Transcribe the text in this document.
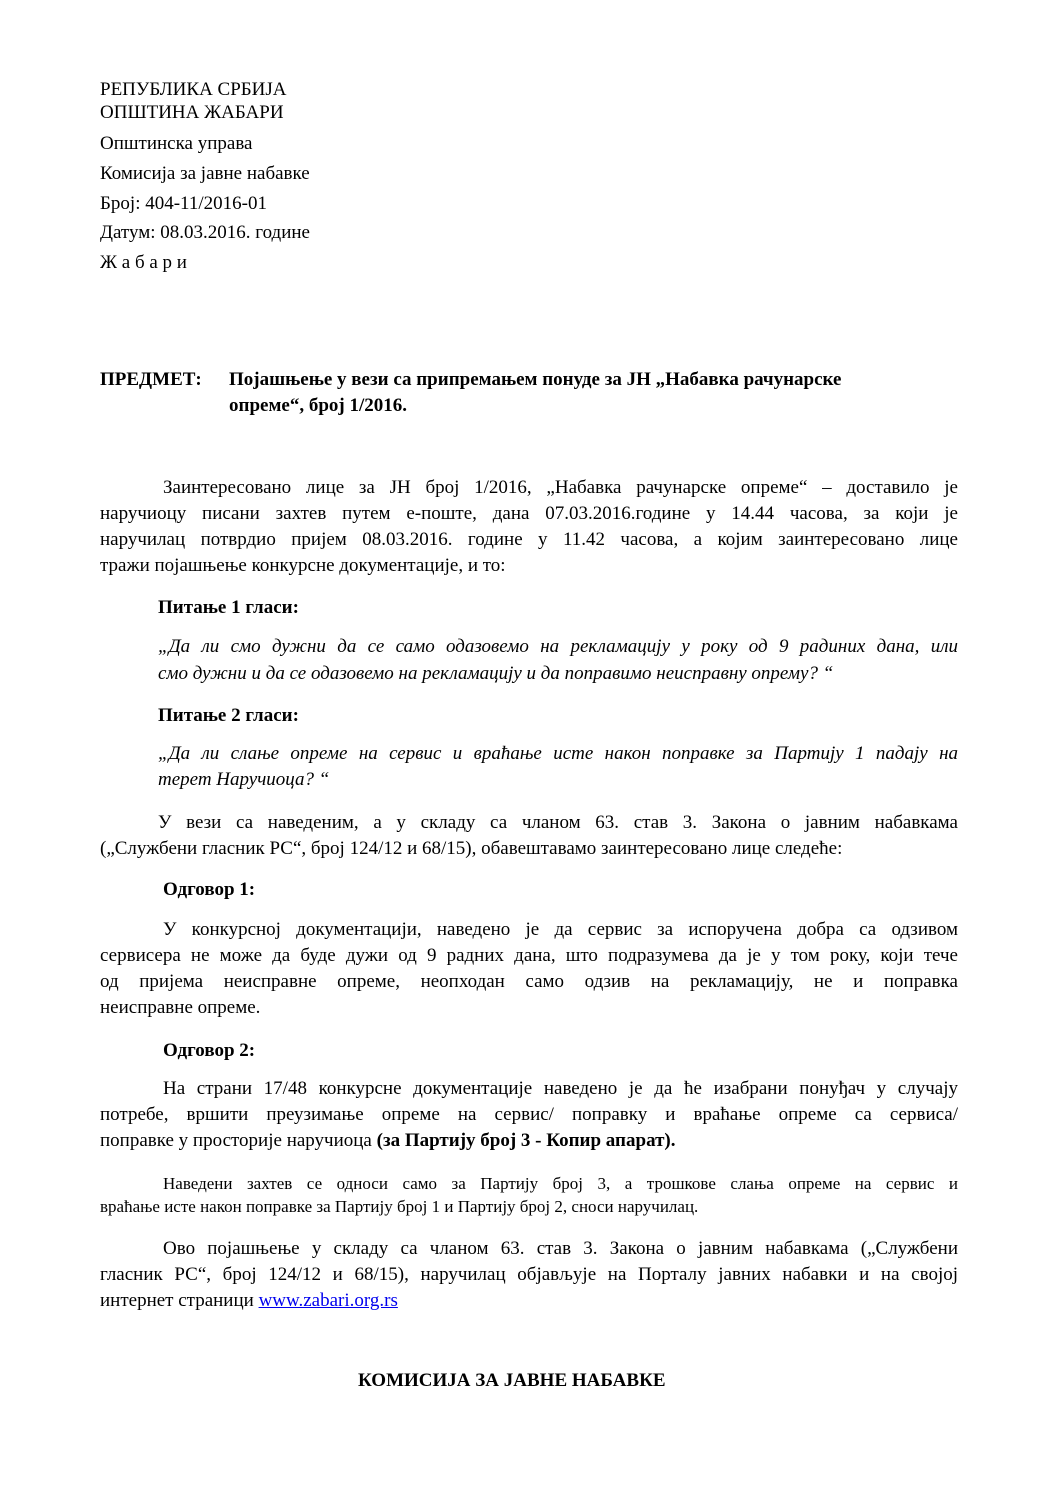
РЕПУБЛИКА СРБИЈА
ОПШТИНА ЖАБАРИ
Општинска управа
Комисија за јавне набавке
Број: 404-11/2016-01
Датум: 08.03.2016. године
Ж а б а р и
ПРЕДМЕТ: Појашњење у вези са припремањем понуде за ЈН „Набавка рачунарске
опреме“, број 1/2016.
Заинтересовано лице за ЈН број 1/2016, „Набавка рачунарске опреме“ – доставило је
наручиоцу писани захтев путем е-поште, дана 07.03.2016.године у 14.44 часова, за који је
наручилац потврдио пријем 08.03.2016. године у 11.42 часова, а којим заинтересовано лице
тражи појашњење конкурсне документације, и то:
Питање 1 гласи:
„Да ли смо дужни да се само одазовемо на рекламацију у року од 9 радиних дана, или
смо дужни и да се одазовемо на рекламацију и да поправимо неисправну опрему? “
Питање 2 гласи:
„Да ли слање опреме на сервис и враћање исте након поправке за Партију 1 падају на
терет Наручиоца? “
У вези са наведеним, а у складу са чланом 63. став 3. Закона о јавним набавкама
(„Службени гласник РС“, број 124/12 и 68/15), обавештавамо заинтересовано лице следеће:
Одговор 1:
У конкурсној документацији, наведено је да сервис за испоручена добра са одзивом
сервисера не може да буде дужи од 9 радних дана, што подразумева да је у том року, који тече
од пријема неисправне опреме, неопходан само одзив на рекламацију, не и поправка
неисправне опреме.
Одговор 2:
На страни 17/48 конкурсне документације наведено је да ће изабрани понуђач у случају
потребе, вршити преузимање опреме на сервис/ поправку и враћање опреме са сервиса/
поправке у просторије наручиоца (за Партију број 3 - Копир апарат).
Наведени захтев се односи само за Партију број 3, а трошкове слања опреме на сервис и
враћање исте након поправке за Партију број 1 и Партију број 2, сноси наручилац.
Ово појашњење у складу са чланом 63. став 3. Закона о јавним набавкама („Службени
гласник РС“, број 124/12 и 68/15), наручилац објављује на Порталу јавних набавки и на својој
интернет страници www.zabari.org.rs
КОМИСИЈА ЗА ЈАВНЕ НАБАВКЕ
